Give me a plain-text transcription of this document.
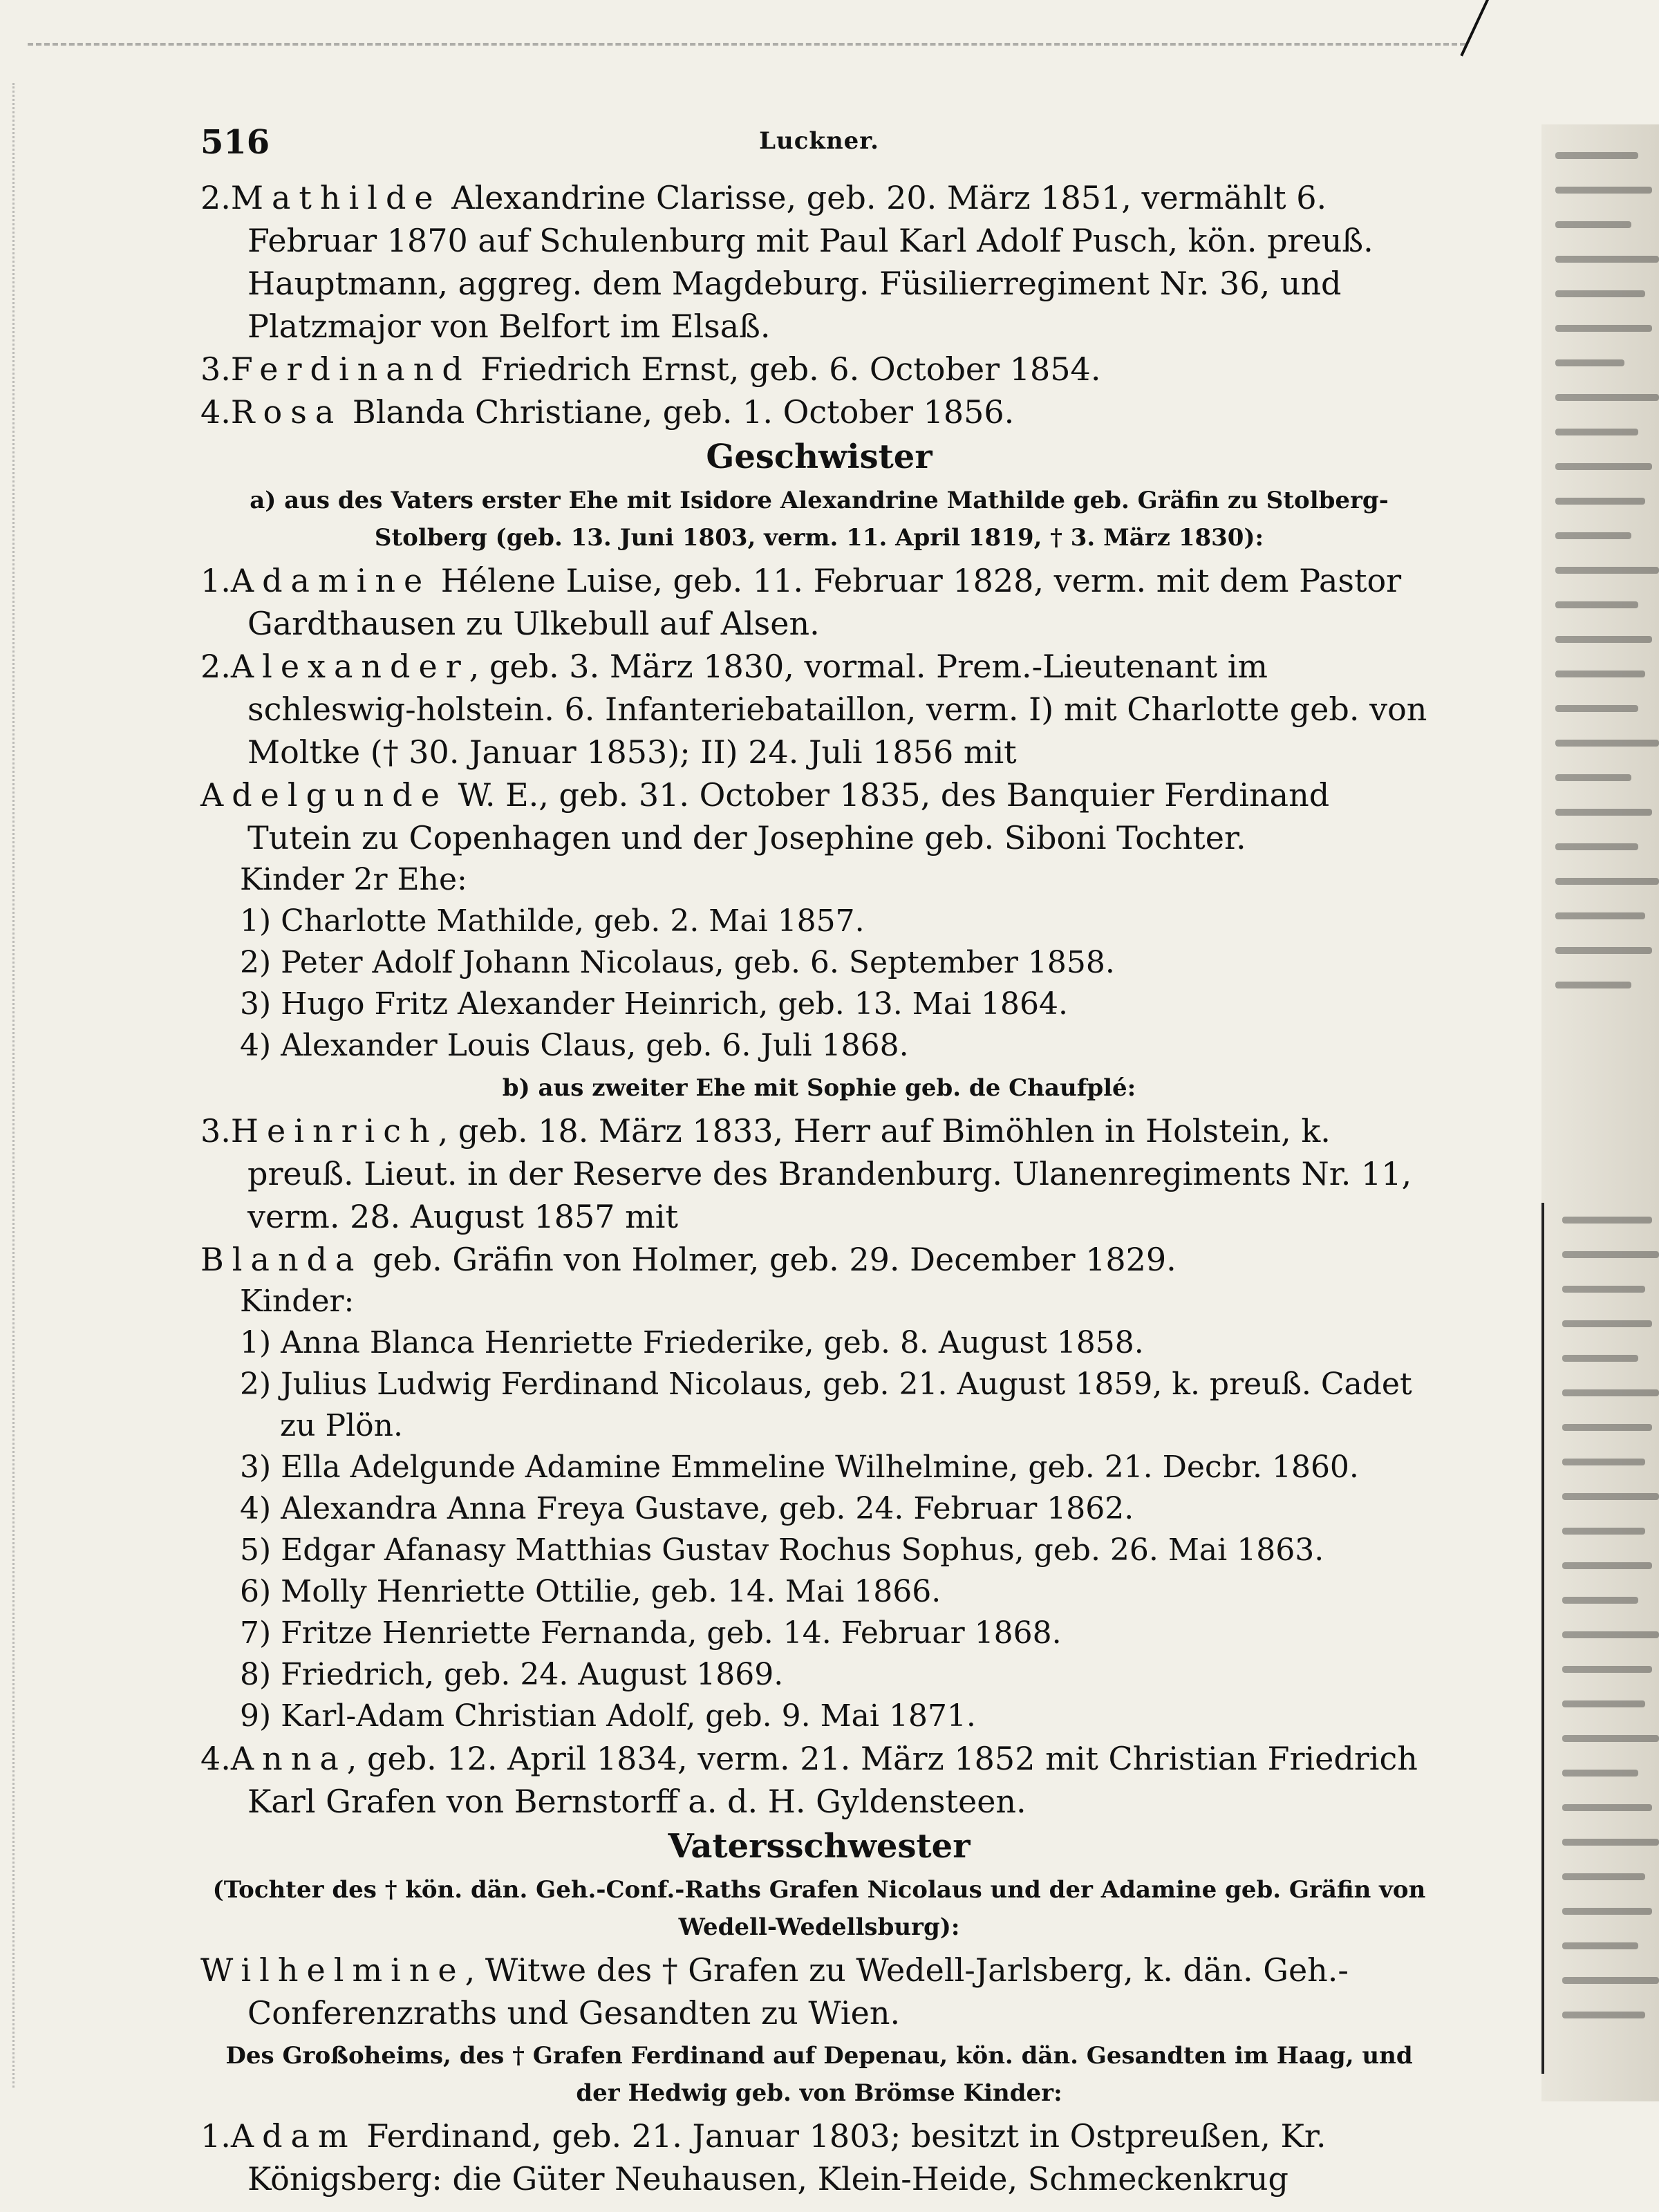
516	Luckner.

2.Mathilde Alexandrine Clarisse, geb. 20. März 1851, vermählt 6. Februar 1870 auf Schulenburg mit Paul Karl Adolf Pusch, kön. preuß. Hauptmann, aggreg. dem Magdeburg. Füsilierregiment Nr. 36, und Platzmajor von Belfort im Elsaß.

3.Ferdinand Friedrich Ernst, geb. 6. October 1854.

4.Rosa Blanda Christiane, geb. 1. October 1856.

Geschwister
a) aus des Vaters erster Ehe mit Isidore Alexandrine Mathilde geb. Gräfin zu Stolberg-Stolberg (geb. 13. Juni 1803, verm. 11. April 1819, † 3. März 1830):

1.Adamine Hélene Luise, geb. 11. Februar 1828, verm. mit dem Pastor Gardthausen zu Ulkebull auf Alsen.

2.Alexander, geb. 3. März 1830, vormal. Prem.-Lieutenant im schleswig-holstein. 6. Infanteriebataillon, verm. I) mit Charlotte geb. von Moltke († 30. Januar 1853); II) 24. Juli 1856 mit

Adelgunde W. E., geb. 31. October 1835, des Banquier Ferdinand Tutein zu Copenhagen und der Josephine geb. Siboni Tochter.

Kinder 2r Ehe:

1) Charlotte Mathilde, geb. 2. Mai 1857.

2) Peter Adolf Johann Nicolaus, geb. 6. September 1858.

3) Hugo Fritz Alexander Heinrich, geb. 13. Mai 1864.

4) Alexander Louis Claus, geb. 6. Juli 1868.

b) aus zweiter Ehe mit Sophie geb. de Chaufplé:

3.Heinrich, geb. 18. März 1833, Herr auf Bimöhlen in Holstein, k. preuß. Lieut. in der Reserve des Brandenburg. Ulanenregiments Nr. 11, verm. 28. August 1857 mit

Blanda geb. Gräfin von Holmer, geb. 29. December 1829.

Kinder:

1) Anna Blanca Henriette Friederike, geb. 8. August 1858.

2) Julius Ludwig Ferdinand Nicolaus, geb. 21. August 1859, k. preuß. Cadet zu Plön.

3) Ella Adelgunde Adamine Emmeline Wilhelmine, geb. 21. Decbr. 1860.

4) Alexandra Anna Freya Gustave, geb. 24. Februar 1862.

5) Edgar Afanasy Matthias Gustav Rochus Sophus, geb. 26. Mai 1863.

6) Molly Henriette Ottilie, geb. 14. Mai 1866.

7) Fritze Henriette Fernanda, geb. 14. Februar 1868.

8) Friedrich, geb. 24. August 1869.

9) Karl-Adam Christian Adolf, geb. 9. Mai 1871.

4.Anna, geb. 12. April 1834, verm. 21. März 1852 mit Christian Friedrich Karl Grafen von Bernstorff a. d. H. Gyldensteen.

Vatersschwester
(Tochter des † kön. dän. Geh.-Conf.-Raths Grafen Nicolaus und der Adamine geb. Gräfin von Wedell-Wedellsburg):

Wilhelmine, Witwe des † Grafen zu Wedell-Jarlsberg, k. dän. Geh.-Conferenzraths und Gesandten zu Wien.

Des Großoheims, des † Grafen Ferdinand auf Depenau, kön. dän. Gesandten im Haag, und der Hedwig geb. von Brömse Kinder:

1.Adam Ferdinand, geb. 21. Januar 1803; besitzt in Ostpreußen, Kr. Königsberg: die Güter Neuhausen, Klein-Heide, Schmeckenkrug
